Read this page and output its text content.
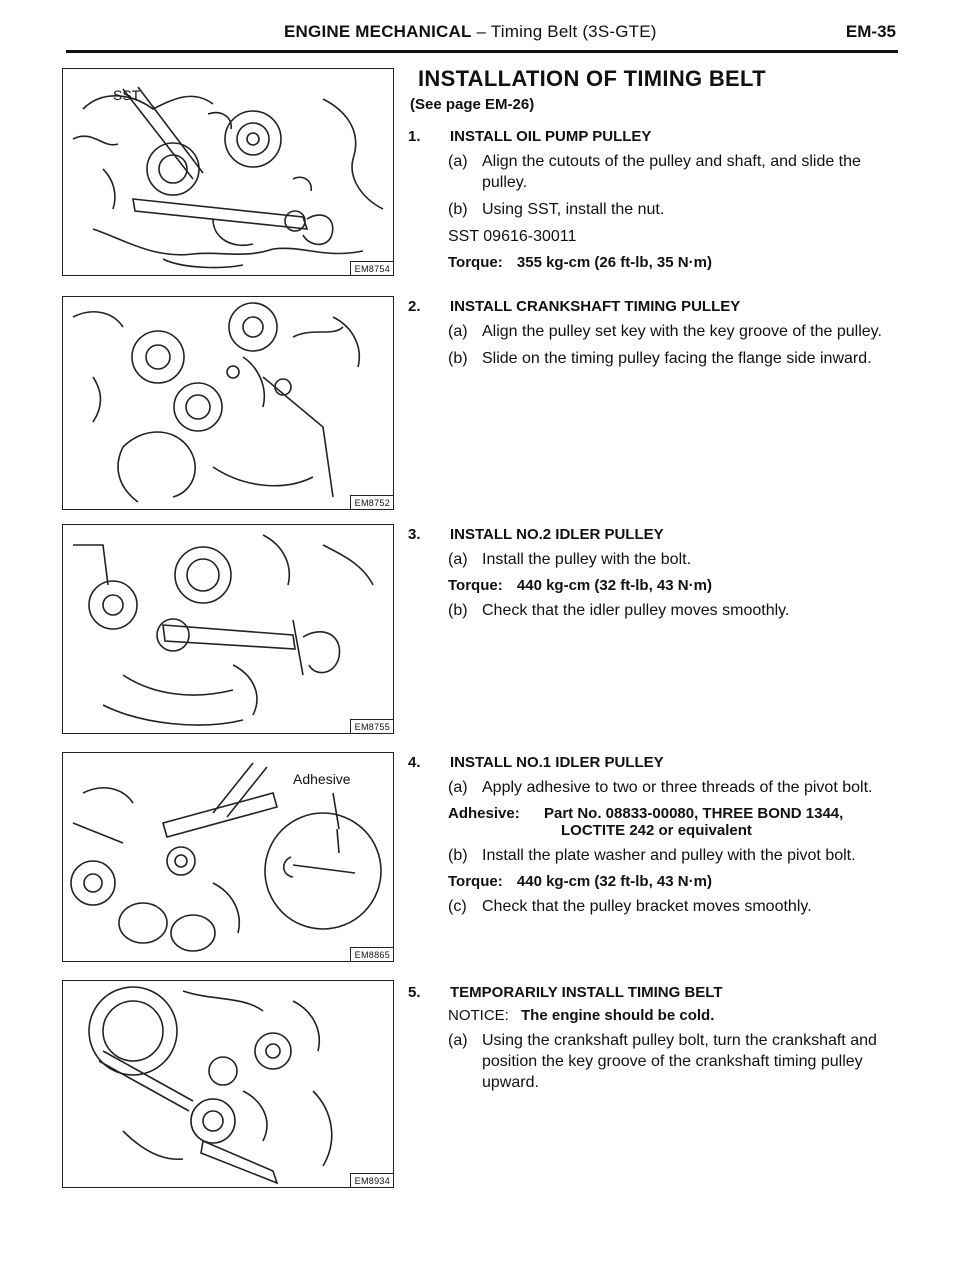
ENGINE MECHANICAL – Timing Belt (3S-GTE)	EM-35
SST
EM8754
EM8752
EM8755
Adhesive
EM8865
EM8934
INSTALLATION OF TIMING BELT
(See page EM-26)
1.	INSTALL OIL PUMP PULLEY
(a) Align the cutouts of the pulley and shaft, and slide the pulley.
(b) Using SST, install the nut.
SST 09616-30011
Torque: 355 kg-cm (26 ft-lb, 35 N·m)
2.	INSTALL CRANKSHAFT TIMING PULLEY
(a) Align the pulley set key with the key groove of the pulley.
(b) Slide on the timing pulley facing the flange side inward.
3.	INSTALL NO.2 IDLER PULLEY
(a) Install the pulley with the bolt.
Torque: 440 kg-cm (32 ft-lb, 43 N·m)
(b) Check that the idler pulley moves smoothly.
4.	INSTALL NO.1 IDLER PULLEY
(a) Apply adhesive to two or three threads of the pivot bolt.
Adhesive:	Part No. 08833-00080, THREE BOND 1344,
LOCTITE 242 or equivalent
(b) Install the plate washer and pulley with the pivot bolt.
Torque: 440 kg-cm (32 ft-lb, 43 N·m)
(c) Check that the pulley bracket moves smoothly.
5.	TEMPORARILY INSTALL TIMING BELT
NOTICE: The engine should be cold.
(a) Using the crankshaft pulley bolt, turn the crankshaft and position the key groove of the crankshaft timing pulley upward.
